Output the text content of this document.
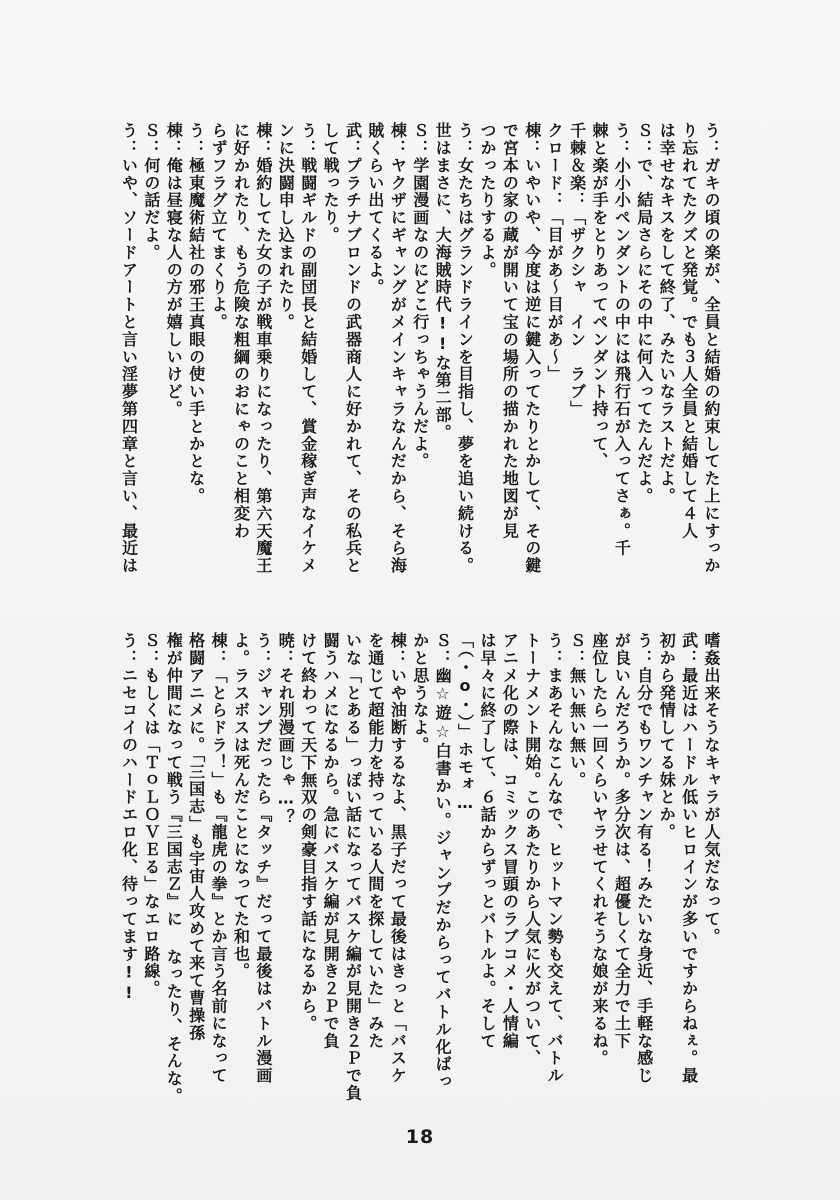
う：ガキの頃の楽が、全員と結婚の約束してた上にすっか
り忘れてたクズと発覚。でも３人全員と結婚して４人
は幸せなキスをして終了、みたいなラストだよ。
Ｓ：で、結局さらにその中に何入ってたんだよ。
う：小小小ペンダントの中には飛行石が入ってさぁ。千
棘と楽が手をとりあってペンダント持って、
千棘＆楽：「ザクシャ　イン　ラブ」
クロード：「目があ～目があ～」
棟：いやいや、今度は逆に鍵入ってたりとかして、その鍵
で宮本の家の蔵が開いて宝の場所の描かれた地図が見
つかったりするよ。
う：女たちはグランドラインを目指し、夢を追い続ける。
世はまさに、大海賊時代!!な第二部。
Ｓ：学園漫画なのにどこ行っちゃうんだよ。
棟：ヤクザにギャングがメインキャラなんだから、そら海
賊くらい出てくるよ。
武：プラチナブロンドの武器商人に好かれて、その私兵と
して戦ったり。
う：戦闘ギルドの副団長と結婚して、賞金稼ぎ声なイケメ
ンに決闘申し込まれたり。
棟：婚約してた女の子が戦車乗りになったり、第六天魔王
に好かれたり、もう危険な粗綱のおにゃのこと相変わ
らずフラグ立てまくりよ。
う：極東魔術結社の邪王真眼の使い手とかとな。
棟：俺は昼寝な人の方が嬉しいけど。
Ｓ：何の話だよ。
う：いや、ソードアートと言い淫夢第四章と言い、最近は
嗜姦出来そうなキャラが人気だなって。
武：最近はハードル低いヒロインが多いですからねぇ。最
初から発情してる妹とか。
う：自分でもワンチャン有る！みたいな身近、手軽な感じ
が良いんだろうか。多分次は、超優しくて全力で土下
座位したら一回くらいヤラせてくれそうな娘が来るね。
Ｓ：無い無い無い。
う：まあそんなこんなで、ヒットマン勢も交えて、バトル
トーナメント開始。このあたりから人気に火がついて、
アニメ化の際は、コミックス冒頭のラブコメ・人情編
は早々に終了して、６話からずっとバトルよ。そして
「（・o・）」ホモォ…
Ｓ：幽☆遊☆白書かい。ジャンプだからってバトル化ばっ
かと思うなよ。
棟：いや油断するなよ、黒子だって最後はきっと「バスケ
を通じて超能力を持っている人間を探していた」みた
いな「とある」っぽい話になってバスケ編が見開き２Ｐで負
闘うハメになるから。急にバスケ編が見開き２Ｐで負
けて終わって天下無双の剣豪目指す話になるから。
暁：それ別漫画じゃ…？
う：ジャンプだったら『タッチ』だって最後はバトル漫画
よ。ラスボスは死んだことになってた和也。
棟：「とらドラ！」も『龍虎の拳』とか言う名前になって
格闘アニメに。「三国志」も宇宙人攻めて来て曹操孫
権が仲間になって戦う『三国志Ｚ』に なったり、そんな。
Ｓ：もしくは「ＴｏＬＯＶＥる」なエロ路線。
う：ニセコイのハードエロ化、待ってます!!
18
